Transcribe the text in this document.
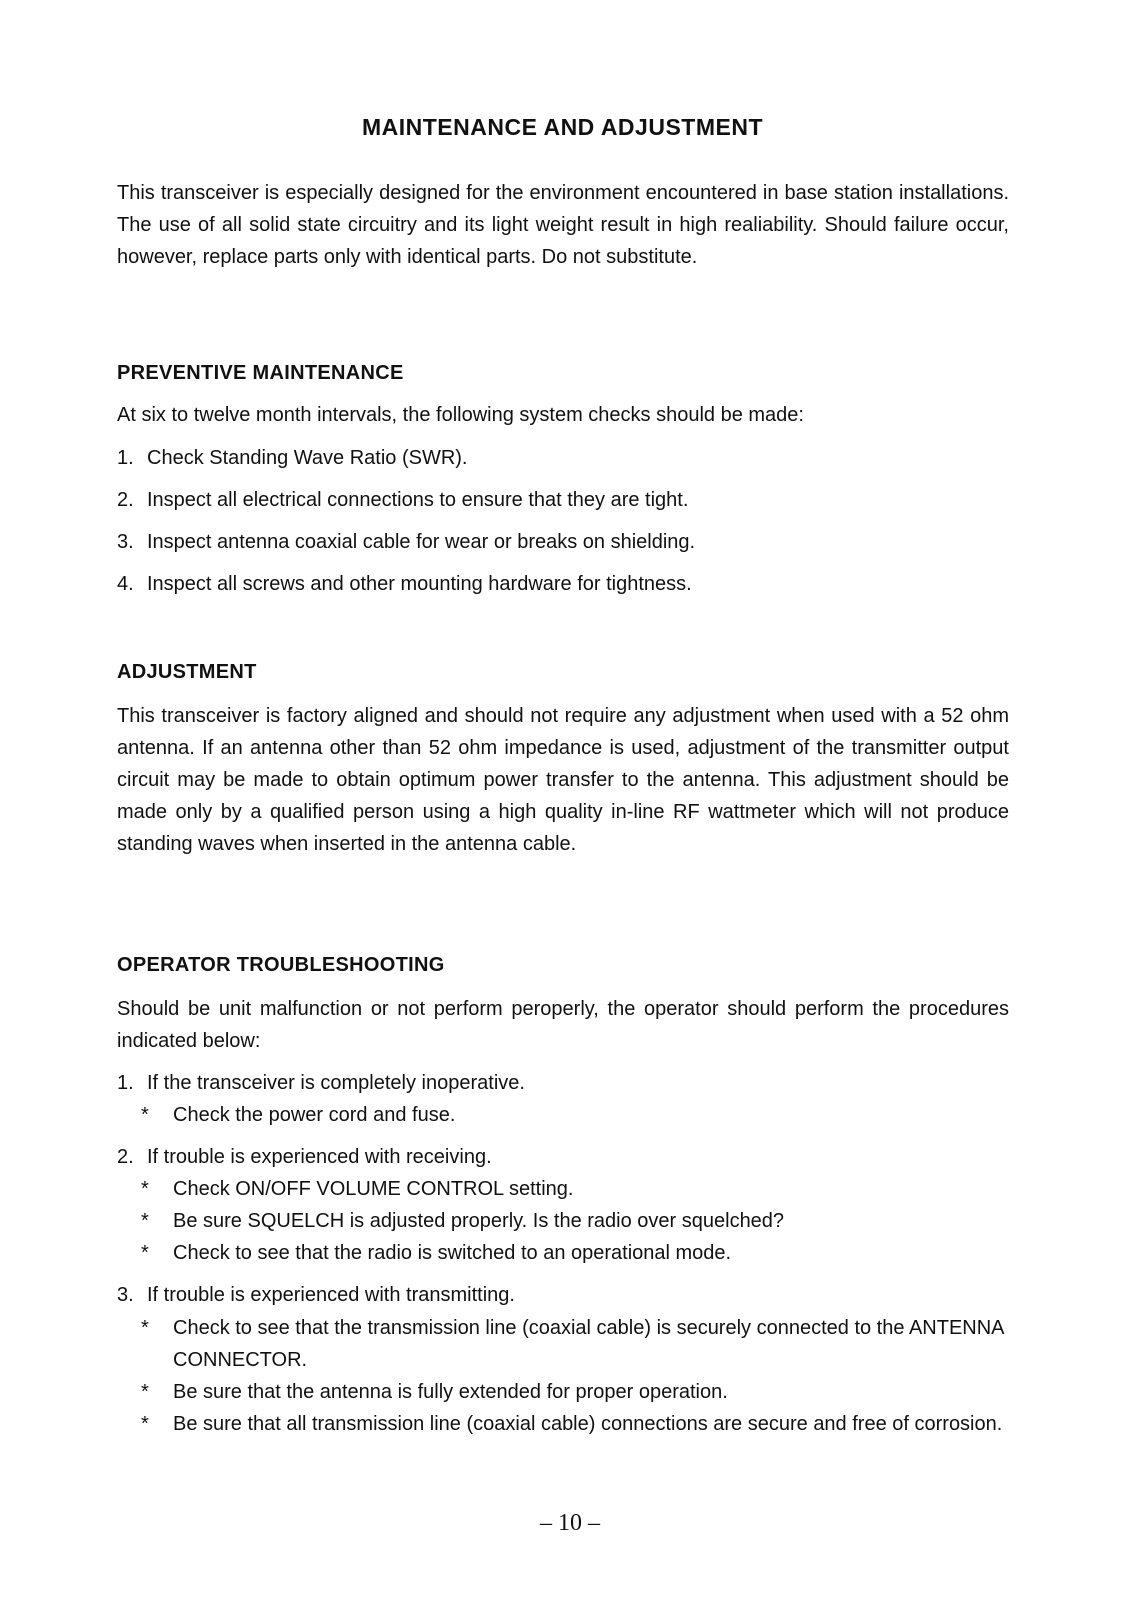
MAINTENANCE AND ADJUSTMENT
This transceiver is especially designed for the environment encountered in base station installations. The use of all solid state circuitry and its light weight result in high realiability. Should failure occur, however, replace parts only with identical parts. Do not substitute.
PREVENTIVE MAINTENANCE
At six to twelve month intervals, the following system checks should be made:
1. Check Standing Wave Ratio (SWR).
2. Inspect all electrical connections to ensure that they are tight.
3. Inspect antenna coaxial cable for wear or breaks on shielding.
4. Inspect all screws and other mounting hardware for tightness.
ADJUSTMENT
This transceiver is factory aligned and should not require any adjustment when used with a 52 ohm antenna. If an antenna other than 52 ohm impedance is used, adjustment of the transmitter output circuit may be made to obtain optimum power transfer to the antenna. This adjustment should be made only by a qualified person using a high quality in-line RF wattmeter which will not produce standing waves when inserted in the antenna cable.
OPERATOR TROUBLESHOOTING
Should be unit malfunction or not perform peroperly, the operator should perform the procedures indicated below:
1. If the transceiver is completely inoperative.
* Check the power cord and fuse.
2. If trouble is experienced with receiving.
* Check ON/OFF VOLUME CONTROL setting.
* Be sure SQUELCH is adjusted properly. Is the radio over squelched?
* Check to see that the radio is switched to an operational mode.
3. If trouble is experienced with transmitting.
* Check to see that the transmission line (coaxial cable) is securely connected to the ANTENNA CONNECTOR.
* Be sure that the antenna is fully extended for proper operation.
* Be sure that all transmission line (coaxial cable) connections are secure and free of corrosion.
– 10 –
